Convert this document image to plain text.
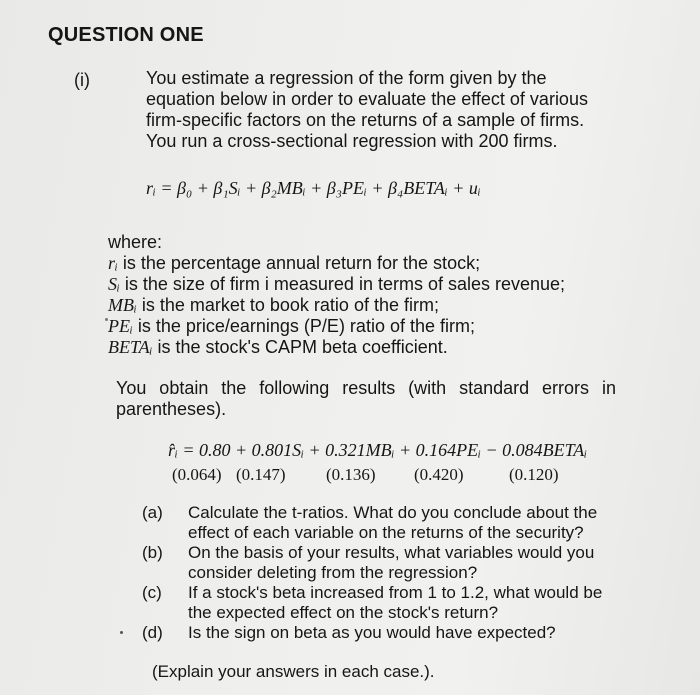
QUESTION ONE
(i)	You estimate a regression of the form given by the
equation below in order to evaluate the effect of various
firm-specific factors on the returns of a sample of firms.
You run a cross-sectional regression with 200 firms.
rᵢ = β₀ + β₁Sᵢ + β₂MBᵢ + β₃PEᵢ + β₄BETAᵢ + uᵢ
where:
rᵢ is the percentage annual return for the stock;
Sᵢ is the size of firm i measured in terms of sales revenue;
MBᵢ is the market to book ratio of the firm;
PEᵢ is the price/earnings (P/E) ratio of the firm;
BETAᵢ is the stock's CAPM beta coefficient.
You obtain the following results (with standard errors in parentheses).
r̂ᵢ = 0.80 + 0.801Sᵢ + 0.321MBᵢ + 0.164PEᵢ − 0.084BETAᵢ
(0.064) (0.147) (0.136) (0.420)	(0.120)
(a)	Calculate the t-ratios. What do you conclude about the effect of each variable on the returns of the security?
(b)	On the basis of your results, what variables would you consider deleting from the regression?
(c)	If a stock's beta increased from 1 to 1.2, what would be the expected effect on the stock's return?
(d)	Is the sign on beta as you would have expected?
(Explain your answers in each case.).
